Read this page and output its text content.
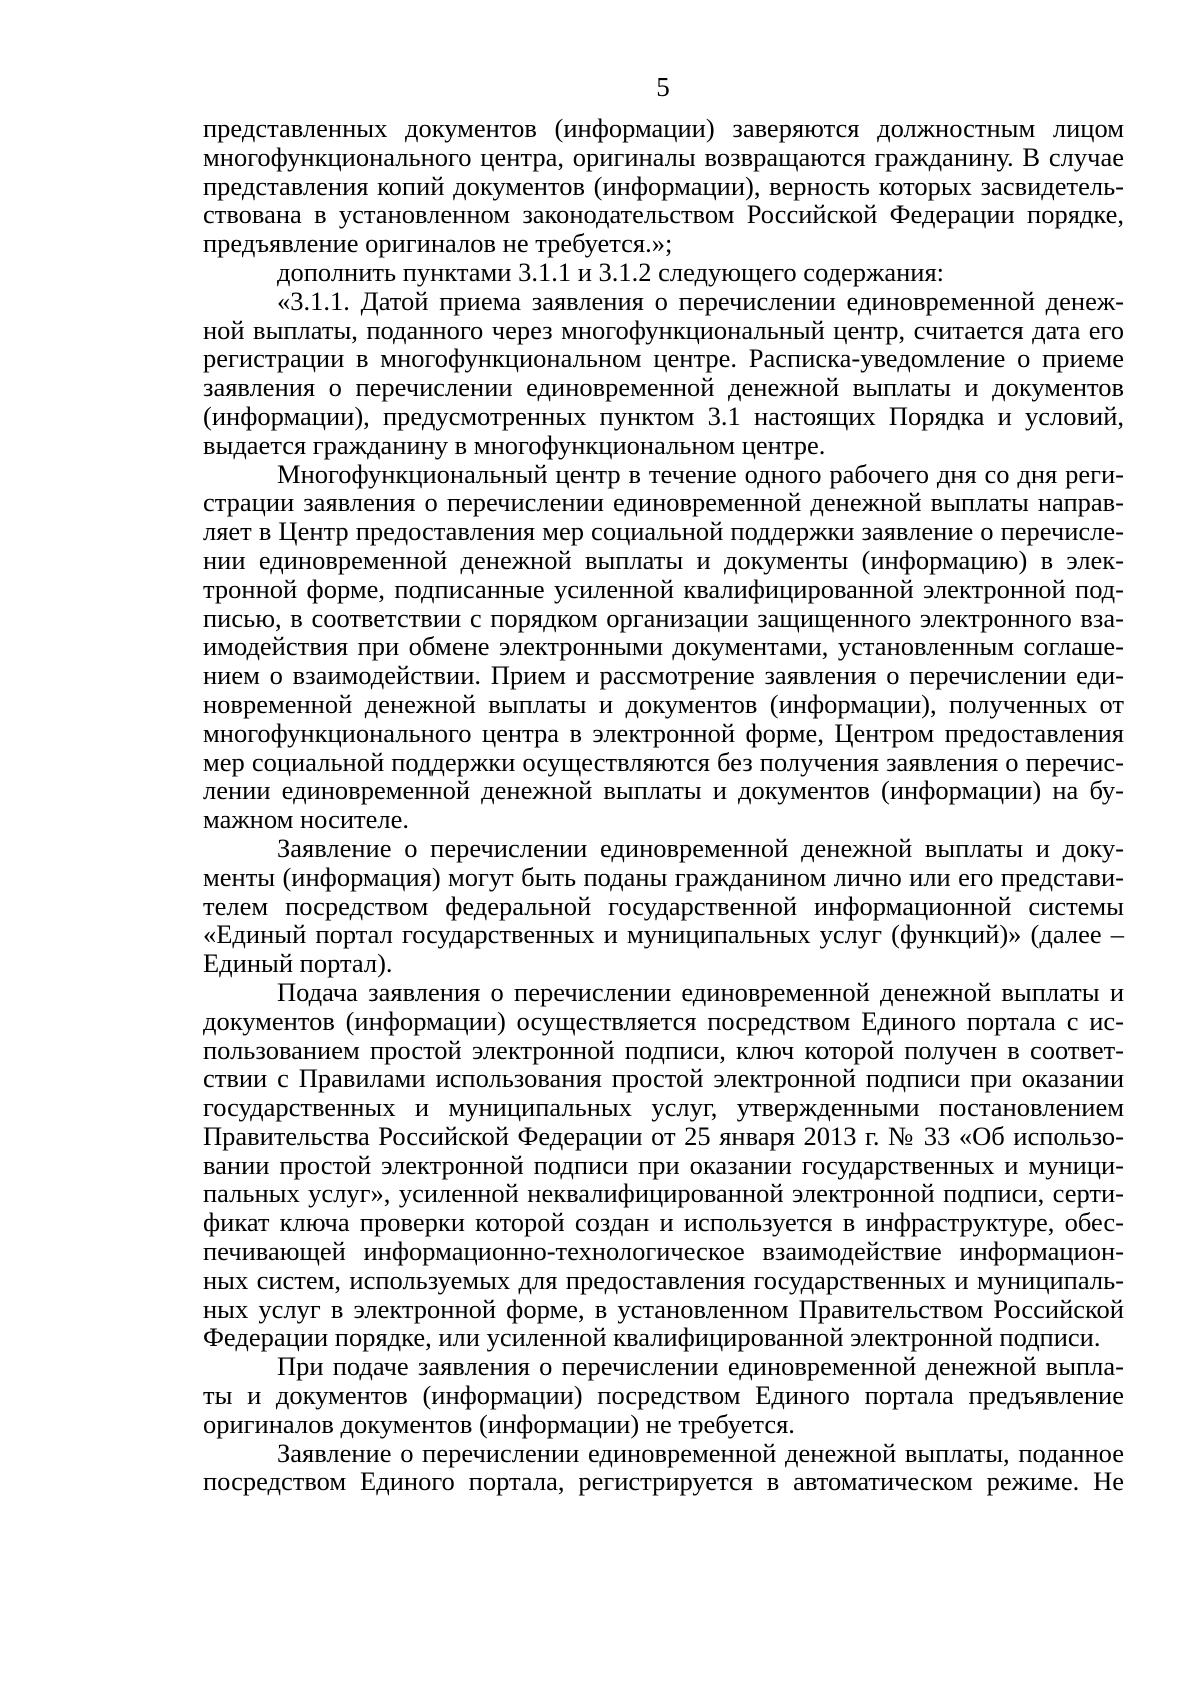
5
представленных документов (информации) заверяются должностным лицом
многофункционального центра, оригиналы возвращаются гражданину. В случае
представления копий документов (информации), верность которых засвидетель-
ствована в установленном законодательством Российской Федерации порядке,
предъявление оригиналов не требуется.»;
дополнить пунктами 3.1.1 и 3.1.2 следующего содержания:
«3.1.1. Датой приема заявления о перечислении единовременной денеж-
ной выплаты, поданного через многофункциональный центр, считается дата его
регистрации в многофункциональном центре. Расписка-уведомление о приеме
заявления о перечислении единовременной денежной выплаты и документов
(информации), предусмотренных пунктом 3.1 настоящих Порядка и условий,
выдается гражданину в многофункциональном центре.
Многофункциональный центр в течение одного рабочего дня со дня реги-
страции заявления о перечислении единовременной денежной выплаты направ-
ляет в Центр предоставления мер социальной поддержки заявление о перечисле-
нии единовременной денежной выплаты и документы (информацию) в элек-
тронной форме, подписанные усиленной квалифицированной электронной под-
писью, в соответствии с порядком организации защищенного электронного вза-
имодействия при обмене электронными документами, установленным соглаше-
нием о взаимодействии. Прием и рассмотрение заявления о перечислении еди-
новременной денежной выплаты и документов (информации), полученных от
многофункционального центра в электронной форме, Центром предоставления
мер социальной поддержки осуществляются без получения заявления о перечис-
лении единовременной денежной выплаты и документов (информации) на бу-
мажном носителе.
Заявление о перечислении единовременной денежной выплаты и доку-
менты (информация) могут быть поданы гражданином лично или его представи-
телем посредством федеральной государственной информационной системы
«Единый портал государственных и муниципальных услуг (функций)» (далее –
Единый портал).
Подача заявления о перечислении единовременной денежной выплаты и
документов (информации) осуществляется посредством Единого портала с ис-
пользованием простой электронной подписи, ключ которой получен в соответ-
ствии с Правилами использования простой электронной подписи при оказании
государственных и муниципальных услуг, утвержденными постановлением
Правительства Российской Федерации от 25 января 2013 г. № 33 «Об использо-
вании простой электронной подписи при оказании государственных и муници-
пальных услуг», усиленной неквалифицированной электронной подписи, серти-
фикат ключа проверки которой создан и используется в инфраструктуре, обес-
печивающей информационно-технологическое взаимодействие информацион-
ных систем, используемых для предоставления государственных и муниципаль-
ных услуг в электронной форме, в установленном Правительством Российской
Федерации порядке, или усиленной квалифицированной электронной подписи.
При подаче заявления о перечислении единовременной денежной выпла-
ты и документов (информации) посредством Единого портала предъявление
оригиналов документов (информации) не требуется.
Заявление о перечислении единовременной денежной выплаты, поданное
посредством Единого портала, регистрируется в автоматическом режиме. Не
